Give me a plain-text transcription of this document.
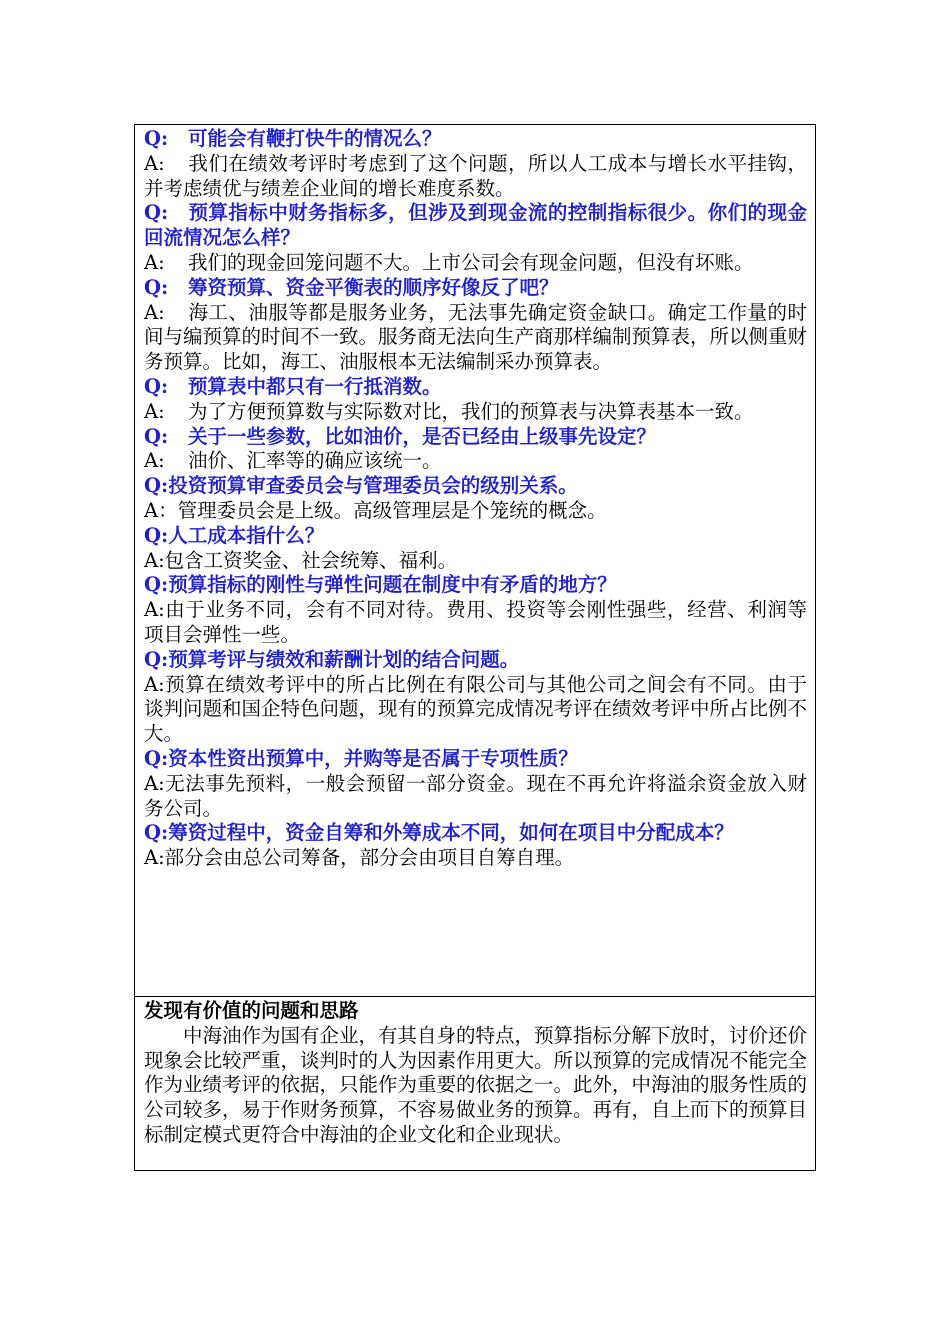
Q: 可能会有鞭打快牛的情况么？

A: 我们在绩效考评时考虑到了这个问题，所以人工成本与增长水平挂钩，并考虑绩优与绩差企业间的增长难度系数。

Q: 预算指标中财务指标多，但涉及到现金流的控制指标很少。你们的现金回流情况怎么样？

A: 我们的现金回笼问题不大。上市公司会有现金问题，但没有坏账。

Q: 筹资预算、资金平衡表的顺序好像反了吧？

A: 海工、油服等都是服务业务，无法事先确定资金缺口。确定工作量的时间与编预算的时间不一致。服务商无法向生产商那样编制预算表，所以侧重财务预算。比如，海工、油服根本无法编制采办预算表。

Q: 预算表中都只有一行抵消数。

A: 为了方便预算数与实际数对比，我们的预算表与决算表基本一致。

Q: 关于一些参数，比如油价，是否已经由上级事先设定？

A: 油价、汇率等的确应该统一。

Q:投资预算审查委员会与管理委员会的级别关系。

A：管理委员会是上级。高级管理层是个笼统的概念。

Q:人工成本指什么？

A:包含工资奖金、社会统筹、福利。

Q:预算指标的刚性与弹性问题在制度中有矛盾的地方？

A:由于业务不同，会有不同对待。费用、投资等会刚性强些，经营、利润等项目会弹性一些。

Q:预算考评与绩效和薪酬计划的结合问题。

A:预算在绩效考评中的所占比例在有限公司与其他公司之间会有不同。由于谈判问题和国企特色问题，现有的预算完成情况考评在绩效考评中所占比例不大。

Q:资本性资出预算中，并购等是否属于专项性质？

A:无法事先预料，一般会预留一部分资金。现在不再允许将溢余资金放入财务公司。

Q:筹资过程中，资金自筹和外筹成本不同，如何在项目中分配成本？

A:部分会由总公司筹备，部分会由项目自筹自理。

发现有价值的问题和思路

中海油作为国有企业，有其自身的特点，预算指标分解下放时，讨价还价现象会比较严重，谈判时的人为因素作用更大。所以预算的完成情况不能完全作为业绩考评的依据，只能作为重要的依据之一。此外，中海油的服务性质的公司较多，易于作财务预算，不容易做业务的预算。再有，自上而下的预算目标制定模式更符合中海油的企业文化和企业现状。
